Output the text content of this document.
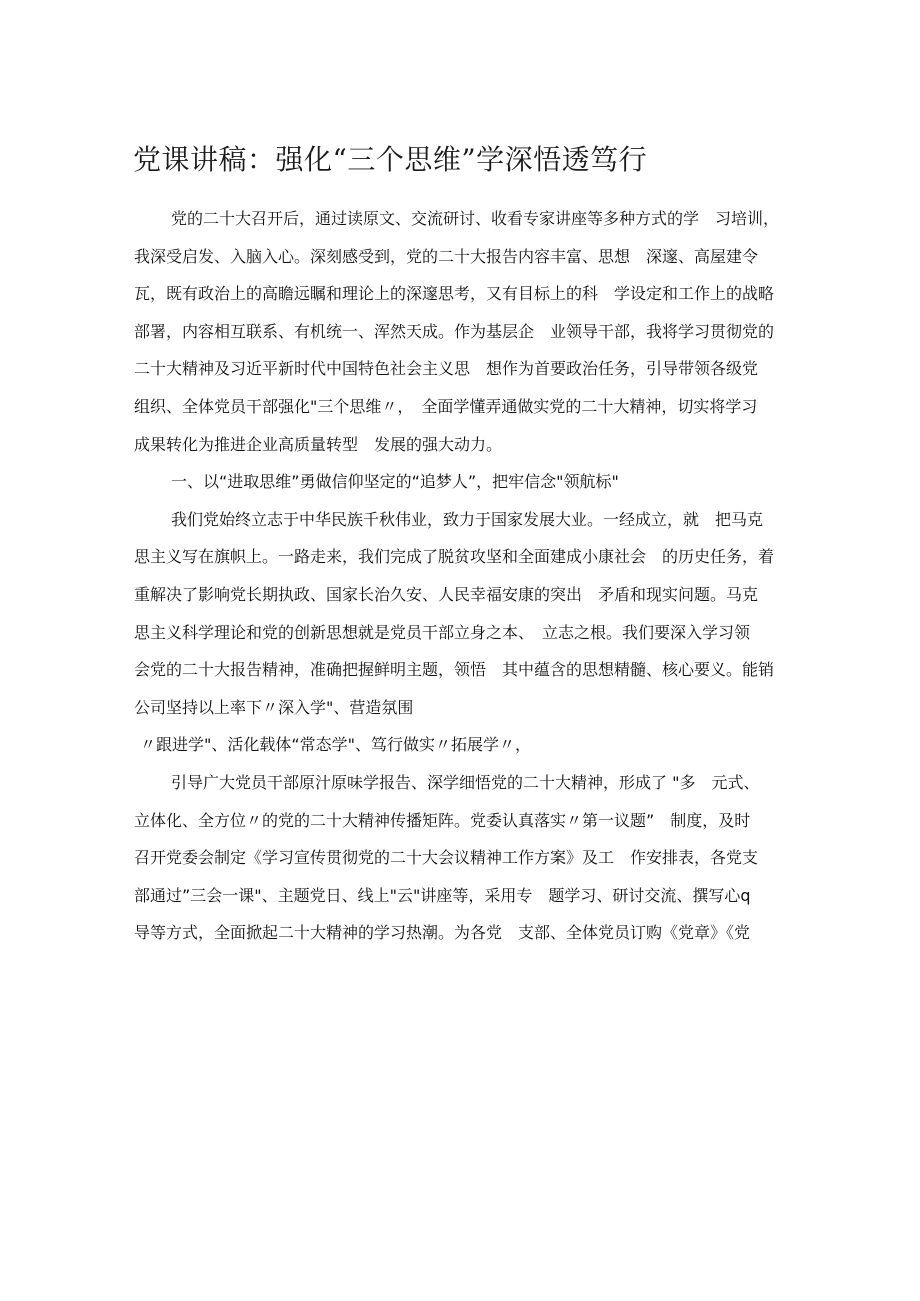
党课讲稿：强化“三个思维”学深悟透笃行
党的二十大召开后，通过读原文、交流研讨、收看专家讲座等多种方式的学　习培训，
我深受启发、入脑入心。深刻感受到，党的二十大报告内容丰富、思想　深邃、高屋建令
瓦，既有政治上的高瞻远瞩和理论上的深邃思考，又有目标上的科　学设定和工作上的战略
部署，内容相互联系、有机统一、浑然天成。作为基层企　业领导干部，我将学习贯彻党的
二十大精神及习近平新时代中国特色社会主义思　想作为首要政治任务，引导带领各级党
组织、全体党员干部强化"三个思维〃，　全面学懂弄通做实党的二十大精神，切实将学习
成果转化为推进企业高质量转型　发展的强大动力。
一、以“进取思维”勇做信仰坚定的“追梦人”，把牢信念"领航标"
我们党始终立志于中华民族千秋伟业，致力于国家发展大业。一经成立，就　把马克
思主义写在旗帜上。一路走来，我们完成了脱贫攻坚和全面建成小康社会　的历史任务，着
重解决了影响党长期执政、国家长治久安、人民幸福安康的突出　矛盾和现实问题。马克
思主义科学理论和党的创新思想就是党员干部立身之本、　立志之根。我们要深入学习领
会党的二十大报告精神，准确把握鲜明主题，领悟　其中蕴含的思想精髓、核心要义。能销
公司坚持以上率下〃深入学"、营造氛围
〃跟进学"、活化载体“常态学"、笃行做实〃拓展学〃，
引导广大党员干部原汁原味学报告、深学细悟党的二十大精神，形成了 "多　元式、
立体化、全方位〃的党的二十大精神传播矩阵。党委认真落实〃第一议题”　制度，及时
召开党委会制定《学习宣传贯彻党的二十大会议精神工作方案》及工　作安排表，各党支
部通过”三会一课"、主题党日、线上"云"讲座等，采用专　题学习、研讨交流、撰写心q
导等方式，全面掀起二十大精神的学习热潮。为各党　支部、全体党员订购《党章》《党
